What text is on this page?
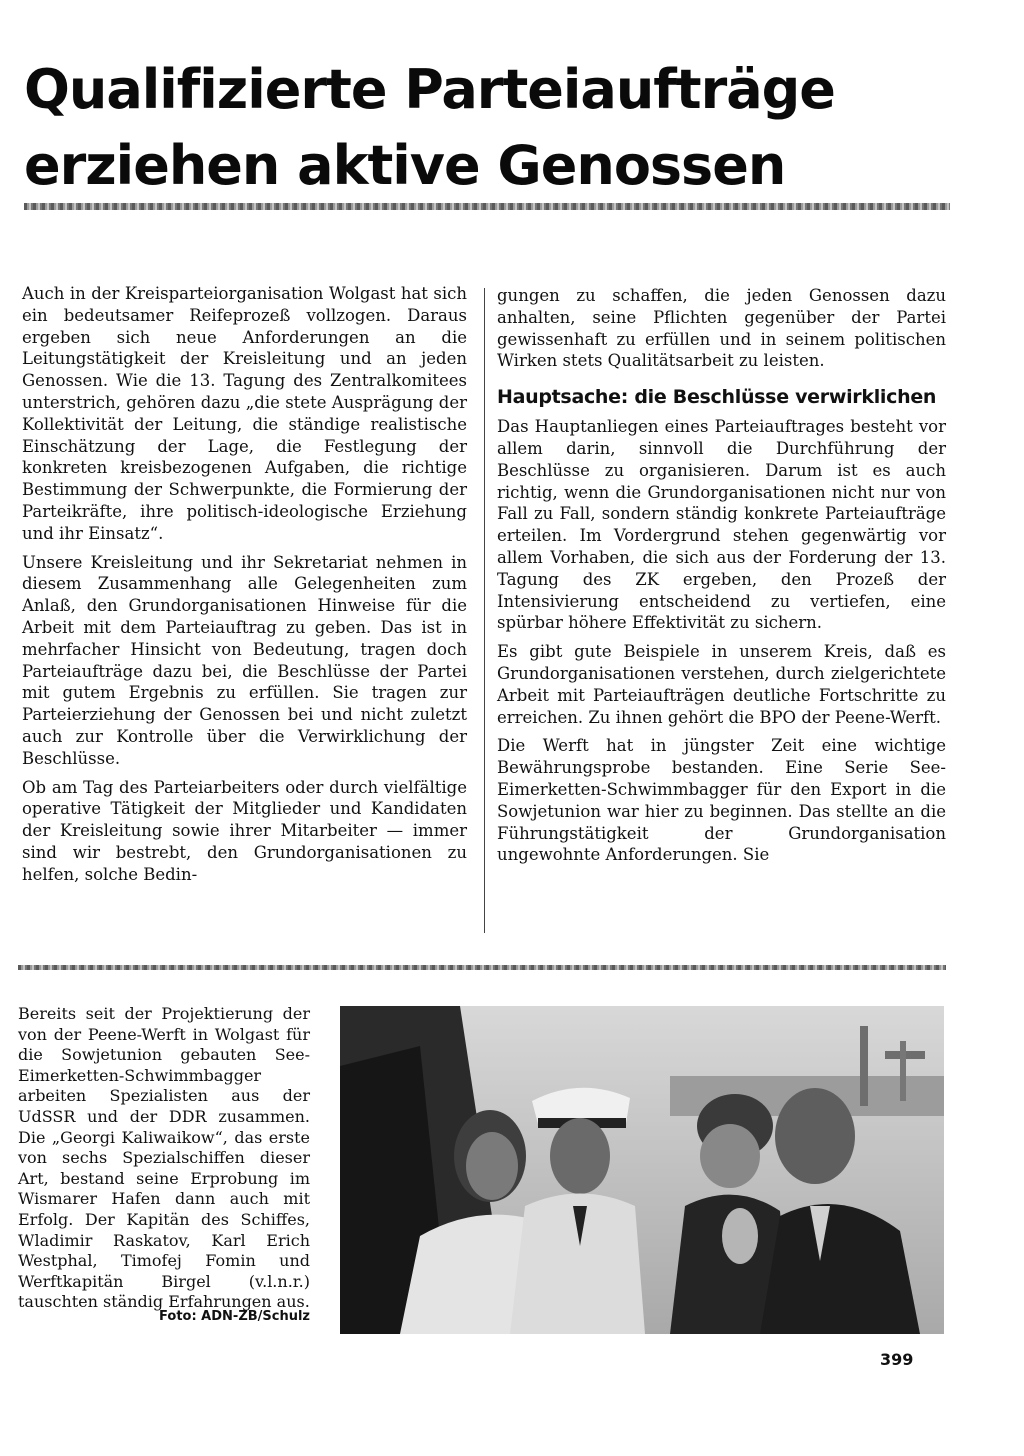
Qualifizierte Parteiaufträge
erziehen aktive Genossen

Auch in der Kreisparteiorganisation Wolgast hat sich ein bedeutsamer Reifeprozeß vollzogen. Daraus ergeben sich neue Anforderungen an die Leitungstätigkeit der Kreisleitung und an jeden Genossen. Wie die 13. Tagung des Zentralkomitees unterstrich, gehören dazu „die stete Ausprägung der Kollektivität der Leitung, die ständige realistische Einschätzung der Lage, die Festlegung der konkreten kreisbezogenen Aufgaben, die richtige Bestimmung der Schwerpunkte, die Formierung der Parteikräfte, ihre politisch-ideologische Erziehung und ihr Einsatz“.

Unsere Kreisleitung und ihr Sekretariat nehmen in diesem Zusammenhang alle Gelegenheiten zum Anlaß, den Grundorganisationen Hinweise für die Arbeit mit dem Parteiauftrag zu geben. Das ist in mehrfacher Hinsicht von Bedeutung, tragen doch Parteiaufträge dazu bei, die Beschlüsse der Partei mit gutem Ergebnis zu erfüllen. Sie tragen zur Parteierziehung der Genossen bei und nicht zuletzt auch zur Kontrolle über die Verwirklichung der Beschlüsse.

Ob am Tag des Parteiarbeiters oder durch vielfältige operative Tätigkeit der Mitglieder und Kandidaten der Kreisleitung sowie ihrer Mitarbeiter — immer sind wir bestrebt, den Grundorganisationen zu helfen, solche Bedin-

gungen zu schaffen, die jeden Genossen dazu anhalten, seine Pflichten gegenüber der Partei gewissenhaft zu erfüllen und in seinem politischen Wirken stets Qualitätsarbeit zu leisten.

Hauptsache: die Beschlüsse verwirklichen

Das Hauptanliegen eines Parteiauftrages besteht vor allem darin, sinnvoll die Durchführung der Beschlüsse zu organisieren. Darum ist es auch richtig, wenn die Grundorganisationen nicht nur von Fall zu Fall, sondern ständig konkrete Parteiaufträge erteilen. Im Vordergrund stehen gegenwärtig vor allem Vorhaben, die sich aus der Forderung der 13. Tagung des ZK ergeben, den Prozeß der Intensivierung entscheidend zu vertiefen, eine spürbar höhere Effektivität zu sichern.

Es gibt gute Beispiele in unserem Kreis, daß es Grundorganisationen verstehen, durch zielgerichtete Arbeit mit Parteiaufträgen deutliche Fortschritte zu erreichen. Zu ihnen gehört die BPO der Peene-Werft.

Die Werft hat in jüngster Zeit eine wichtige Bewährungsprobe bestanden. Eine Serie See-Eimerketten-Schwimmbagger für den Export in die Sowjetunion war hier zu beginnen. Das stellte an die Führungstätigkeit der Grundorganisation ungewohnte Anforderungen. Sie

Bereits seit der Projektierung der von der Peene-Werft in Wolgast für die Sowjetunion gebauten See-Eimerketten-Schwimmbagger arbeiten Spezialisten aus der UdSSR und der DDR zusammen. Die „Georgi Kaliwaikow“, das erste von sechs Spezialschiffen dieser Art, bestand seine Erprobung im Wismarer Hafen dann auch mit Erfolg. Der Kapitän des Schiffes, Wladimir Raskatov, Karl Erich Westphal, Timofej Fomin und Werftkapitän Birgel (v.l.n.r.) tauschten ständig Erfahrungen aus.

Foto: ADN-ZB/Schulz
399
